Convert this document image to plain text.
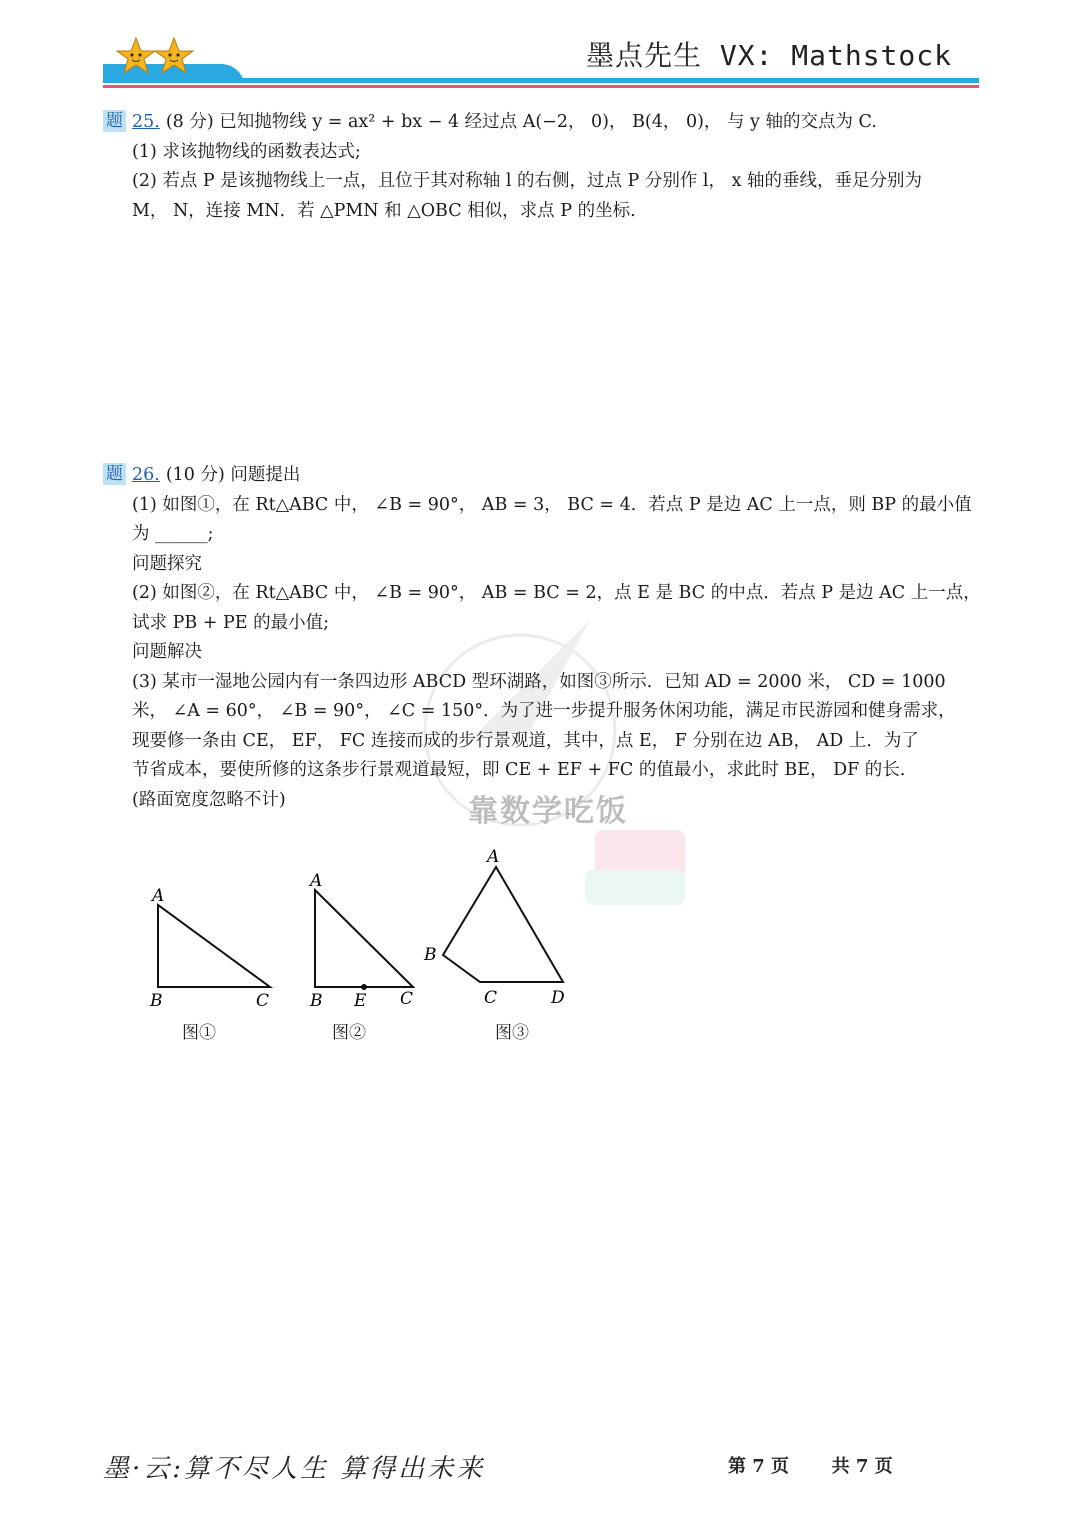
墨点先生 VX: Mathstock
题 25. (8 分) 已知抛物线 y = ax² + bx − 4 经过点 A(−2， 0)， B(4， 0)， 与 y 轴的交点为 C.
(1) 求该抛物线的函数表达式;
(2) 若点 P 是该抛物线上一点，且位于其对称轴 l 的右侧，过点 P 分别作 l， x 轴的垂线，垂足分别为
M， N，连接 MN．若 △PMN 和 △OBC 相似，求点 P 的坐标.
靠数学吃饭
题 26. (10 分) 问题提出
(1) 如图①，在 Rt△ABC 中， ∠B = 90°， AB = 3， BC = 4．若点 P 是边 AC 上一点，则 BP 的最小值
为 ______;
问题探究
(2) 如图②，在 Rt△ABC 中， ∠B = 90°， AB = BC = 2，点 E 是 BC 的中点．若点 P 是边 AC 上一点，
试求 PB + PE 的最小值;
问题解决
(3) 某市一湿地公园内有一条四边形 ABCD 型环湖路，如图③所示．已知 AD = 2000 米， CD = 1000
米， ∠A = 60°， ∠B = 90°， ∠C = 150°．为了进一步提升服务休闲功能，满足市民游园和健身需求，
现要修一条由 CE， EF， FC 连接而成的步行景观道，其中，点 E， F 分别在边 AB， AD 上．为了
节省成本，要使所修的这条步行景观道最短，即 CE + EF + FC 的值最小，求此时 BE， DF 的长.
(路面宽度忽略不计)
A
B	C
A
B E C
A
B
C	D
图①	图②	图③
墨·云:算不尽人生 算得出未来	第 7 页 共 7 页
